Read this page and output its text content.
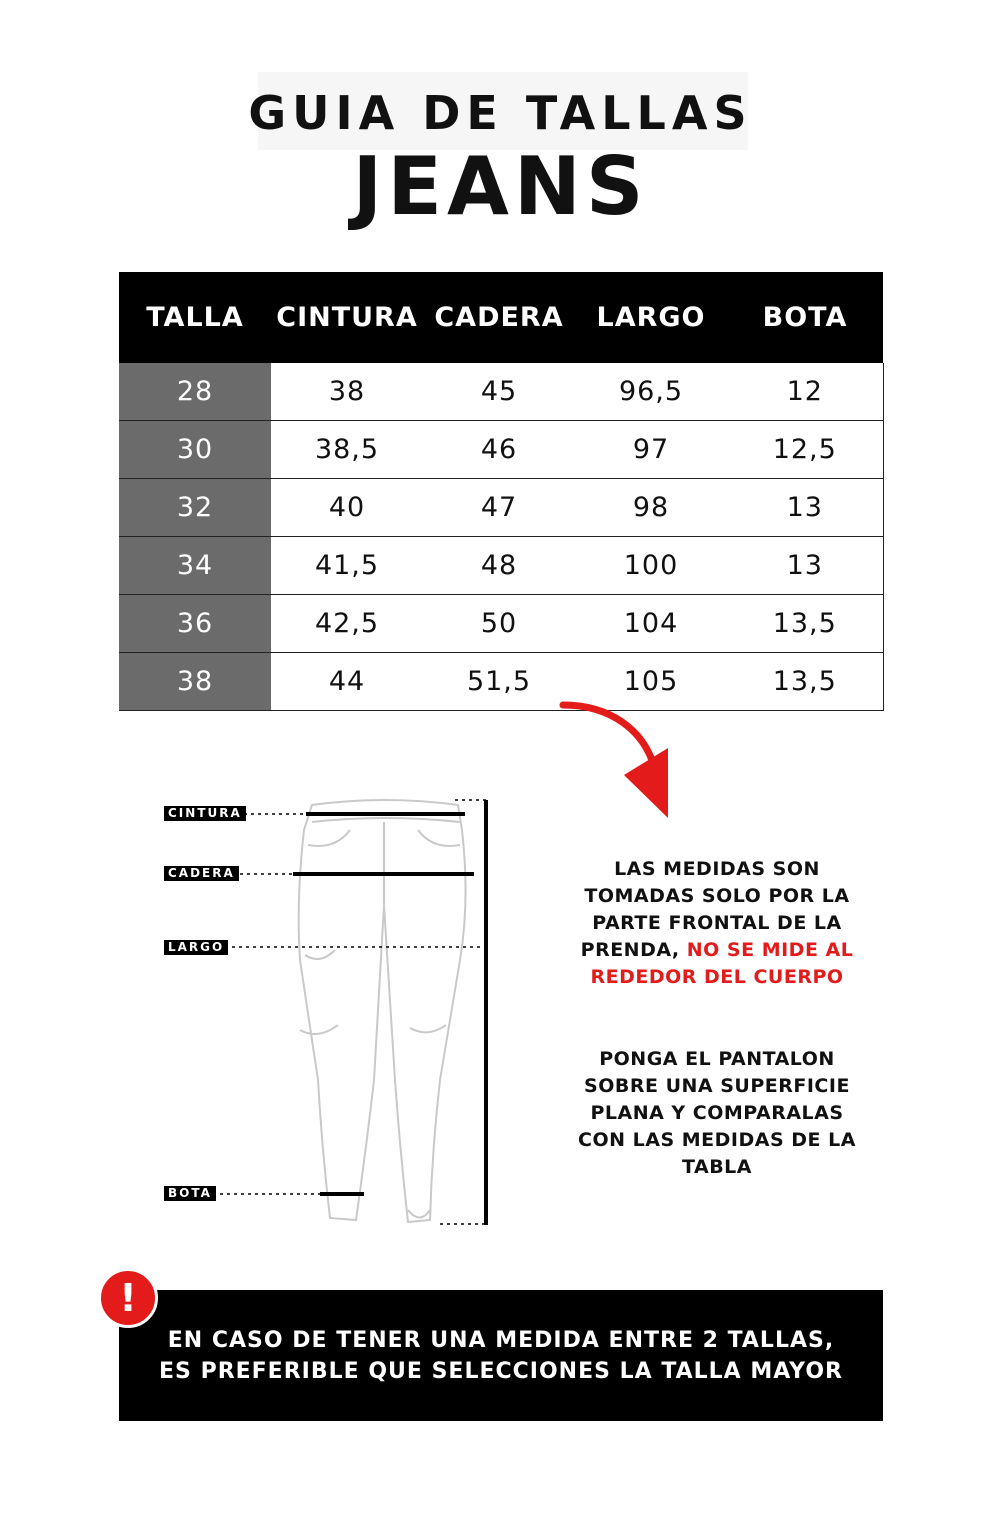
GUIA DE TALLAS
JEANS
TALLA	CINTURA	CADERA	LARGO	BOTA
28	38	45	96,5	12
30	38,5	46	97	12,5
32	40	47	98	13
34	41,5	48	100	13
36	42,5	50	104	13,5
38	44	51,5	105	13,5
CINTURA
CADERA
LARGO
BOTA
LAS MEDIDAS SON TOMADAS SOLO POR LA PARTE FRONTAL DE LA PRENDA, NO SE MIDE AL REDEDOR DEL CUERPO
PONGA EL PANTALON SOBRE UNA SUPERFICIE PLANA Y COMPARALAS CON LAS MEDIDAS DE LA TABLA
EN CASO DE TENER UNA MEDIDA ENTRE 2 TALLAS, ES PREFERIBLE QUE SELECCIONES LA TALLA MAYOR
!
